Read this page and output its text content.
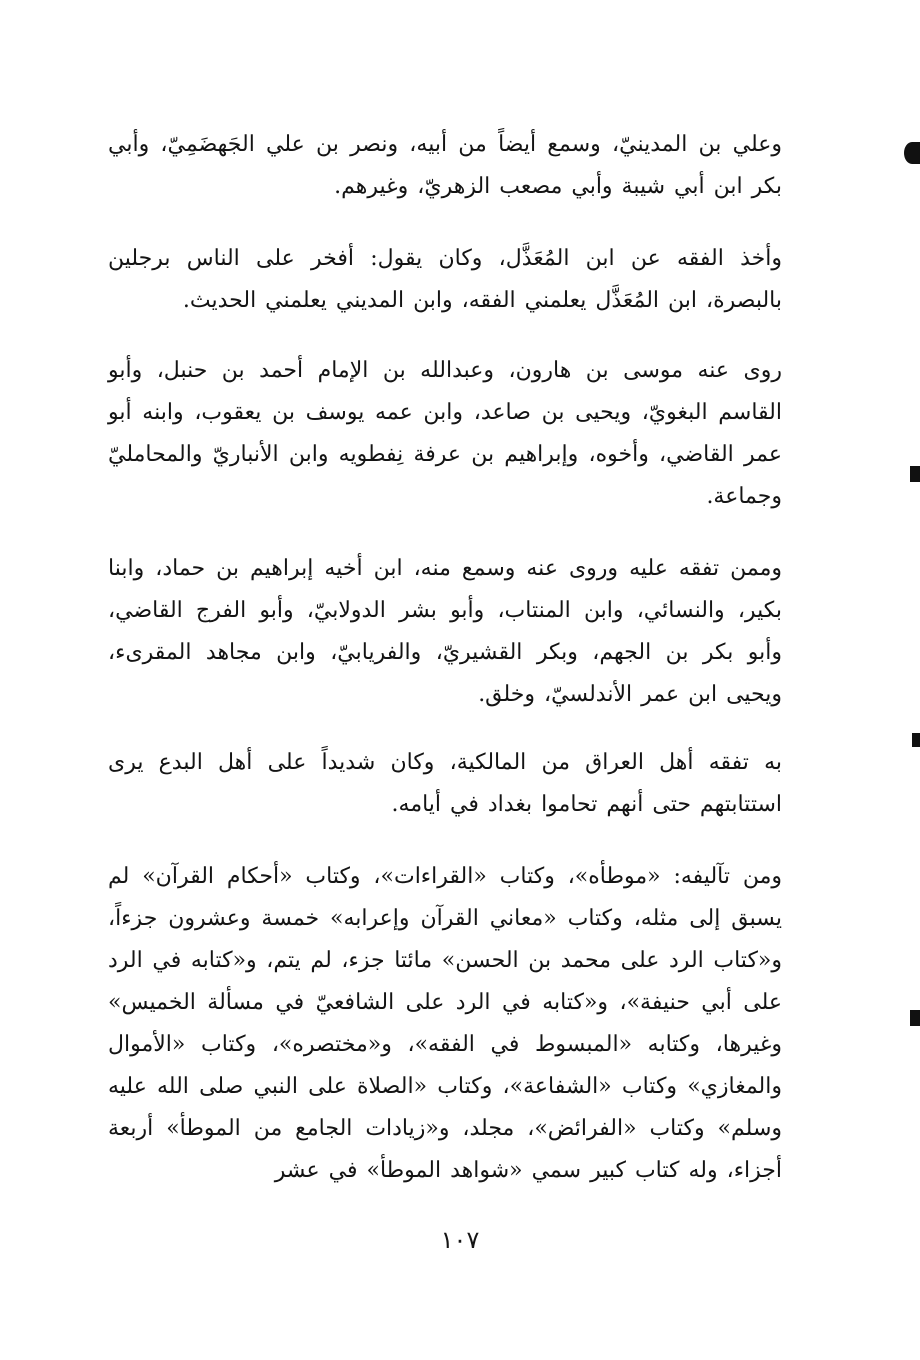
وعلي بن المدينيّ، وسمع أيضاً من أبيه، ونصر بن علي الجَهضَمِيّ، وأبي بكر ابن أبي شيبة وأبي مصعب الزهريّ، وغيرهم.

وأخذ الفقه عن ابن المُعَذَّل، وكان يقول: أفخر على الناس برجلين بالبصرة، ابن المُعَذَّل يعلمني الفقه، وابن المديني يعلمني الحديث.

روى عنه موسى بن هارون، وعبدالله بن الإمام أحمد بن حنبل، وأبو القاسم البغويّ، ويحيى بن صاعد، وابن عمه يوسف بن يعقوب، وابنه أبو عمر القاضي، وأخوه، وإبراهيم بن عرفة نِفطويه وابن الأنباريّ والمحامليّ وجماعة.

وممن تفقه عليه وروى عنه وسمع منه، ابن أخيه إبراهيم بن حماد، وابنا بكير، والنسائي، وابن المنتاب، وأبو بشر الدولابيّ، وأبو الفرج القاضي، وأبو بكر بن الجهم، وبكر القشيريّ، والفريابيّ، وابن مجاهد المقرىء، ويحيى ابن عمر الأندلسيّ، وخلق.

به تفقه أهل العراق من المالكية، وكان شديداً على أهل البدع يرى استتابتهم حتى أنهم تحاموا بغداد في أيامه.

ومن تآليفه: «موطأه»، وكتاب «القراءات»، وكتاب «أحكام القرآن» لم يسبق إلى مثله، وكتاب «معاني القرآن وإعرابه» خمسة وعشرون جزءاً، و«كتاب الرد على محمد بن الحسن» مائتا جزء، لم يتم، و«كتابه في الرد على أبي حنيفة»، و«كتابه في الرد على الشافعيّ في مسألة الخميس» وغيرها، وكتابه «المبسوط في الفقه»، و«مختصره»، وكتاب «الأموال والمغازي» وكتاب «الشفاعة»، وكتاب «الصلاة على النبي صلى الله عليه وسلم» وكتاب «الفرائض»، مجلد، و«زيادات الجامع من الموطأ» أربعة أجزاء، وله كتاب كبير سمي «شواهد الموطأ» في عشر

١٠٧
